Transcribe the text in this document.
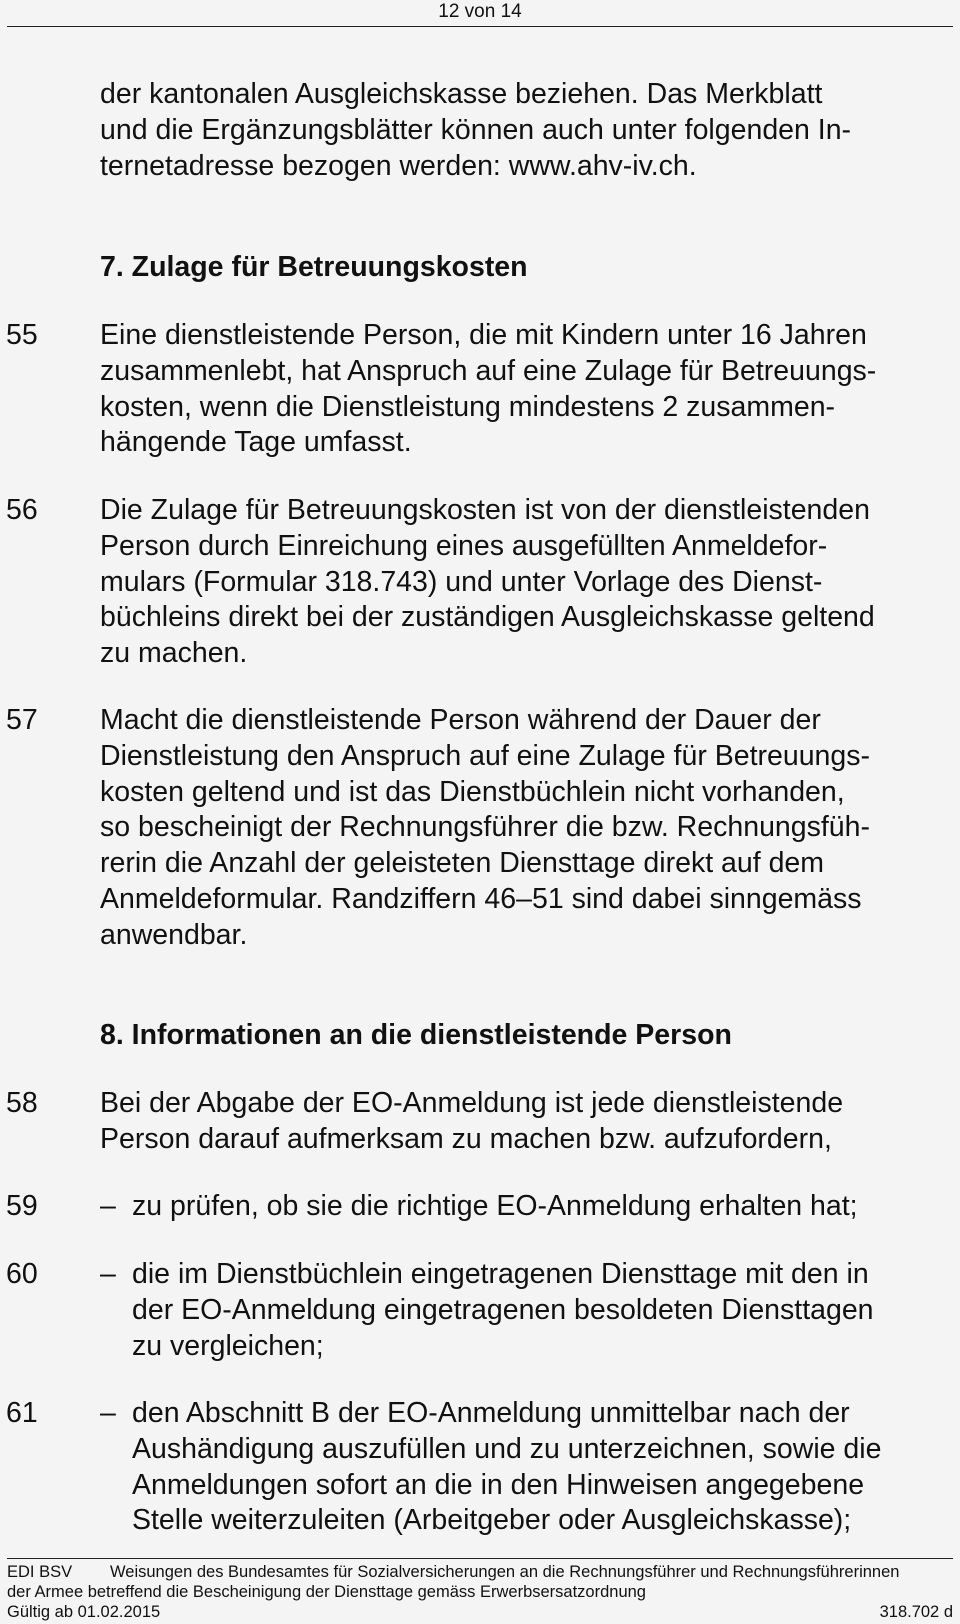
12 von 14
der kantonalen Ausgleichskasse beziehen. Das Merkblatt
und die Ergänzungsblätter können auch unter folgenden In-
ternetadresse bezogen werden: www.ahv-iv.ch.
7. Zulage für Betreuungskosten
55 Eine dienstleistende Person, die mit Kindern unter 16 Jahren
zusammenlebt, hat Anspruch auf eine Zulage für Betreuungs-
kosten, wenn die Dienstleistung mindestens 2 zusammen-
hängende Tage umfasst.
56 Die Zulage für Betreuungskosten ist von der dienstleistenden
Person durch Einreichung eines ausgefüllten Anmeldefor-
mulars (Formular 318.743) und unter Vorlage des Dienst-
büchleins direkt bei der zuständigen Ausgleichskasse geltend
zu machen.
57 Macht die dienstleistende Person während der Dauer der
Dienstleistung den Anspruch auf eine Zulage für Betreuungs-
kosten geltend und ist das Dienstbüchlein nicht vorhanden,
so bescheinigt der Rechnungsführer die bzw. Rechnungsfüh-
rerin die Anzahl der geleisteten Diensttage direkt auf dem
Anmeldeformular. Randziffern 46–51 sind dabei sinngemäss
anwendbar.
8. Informationen an die dienstleistende Person
58 Bei der Abgabe der EO-Anmeldung ist jede dienstleistende
Person darauf aufmerksam zu machen bzw. aufzufordern,
59 – zu prüfen, ob sie die richtige EO-Anmeldung erhalten hat;
60 – die im Dienstbüchlein eingetragenen Diensttage mit den in
der EO-Anmeldung eingetragenen besoldeten Diensttagen
zu vergleichen;
61 – den Abschnitt B der EO-Anmeldung unmittelbar nach der
Aushändigung auszufüllen und zu unterzeichnen, sowie die
Anmeldungen sofort an die in den Hinweisen angegebene
Stelle weiterzuleiten (Arbeitgeber oder Ausgleichskasse);
EDI BSV Weisungen des Bundesamtes für Sozialversicherungen an die Rechnungsführer und Rechnungsführerinnen
der Armee betreffend die Bescheinigung der Diensttage gemäss Erwerbsersatzordnung
Gültig ab 01.02.2015	318.702 d
